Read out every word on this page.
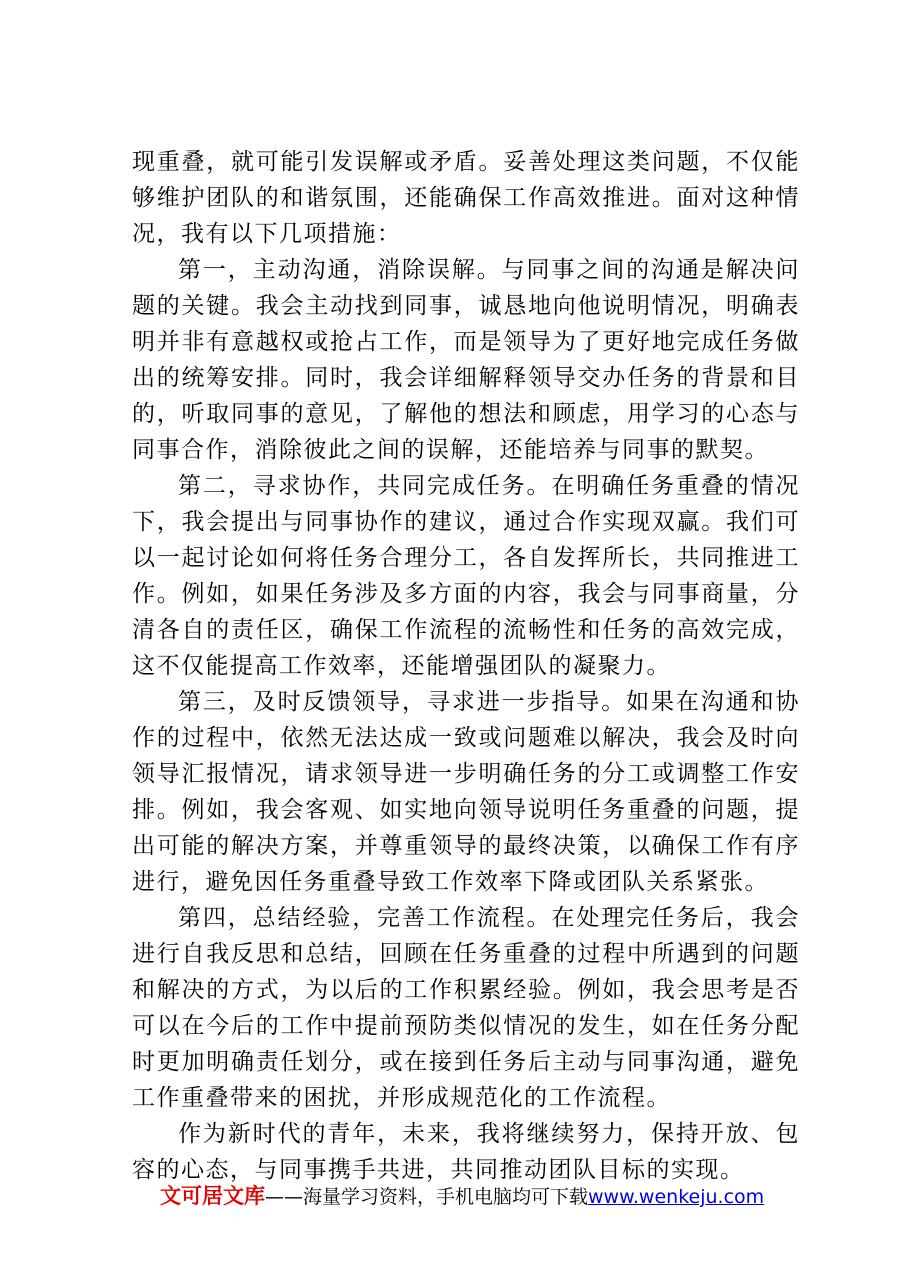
现重叠，就可能引发误解或矛盾。妥善处理这类问题，不仅能够维护团队的和谐氛围，还能确保工作高效推进。面对这种情况，我有以下几项措施：

第一，主动沟通，消除误解。与同事之间的沟通是解决问题的关键。我会主动找到同事，诚恳地向他说明情况，明确表明并非有意越权或抢占工作，而是领导为了更好地完成任务做出的统筹安排。同时，我会详细解释领导交办任务的背景和目的，听取同事的意见，了解他的想法和顾虑，用学习的心态与同事合作，消除彼此之间的误解，还能培养与同事的默契。

第二，寻求协作，共同完成任务。在明确任务重叠的情况下，我会提出与同事协作的建议，通过合作实现双赢。我们可以一起讨论如何将任务合理分工，各自发挥所长，共同推进工作。例如，如果任务涉及多方面的内容，我会与同事商量，分清各自的责任区，确保工作流程的流畅性和任务的高效完成，这不仅能提高工作效率，还能增强团队的凝聚力。

第三，及时反馈领导，寻求进一步指导。如果在沟通和协作的过程中，依然无法达成一致或问题难以解决，我会及时向领导汇报情况，请求领导进一步明确任务的分工或调整工作安排。例如，我会客观、如实地向领导说明任务重叠的问题，提出可能的解决方案，并尊重领导的最终决策，以确保工作有序进行，避免因任务重叠导致工作效率下降或团队关系紧张。

第四，总结经验，完善工作流程。在处理完任务后，我会进行自我反思和总结，回顾在任务重叠的过程中所遇到的问题和解决的方式，为以后的工作积累经验。例如，我会思考是否可以在今后的工作中提前预防类似情况的发生，如在任务分配时更加明确责任划分，或在接到任务后主动与同事沟通，避免工作重叠带来的困扰，并形成规范化的工作流程。

作为新时代的青年，未来，我将继续努力，保持开放、包容的心态，与同事携手共进，共同推动团队目标的实现。

文可居文库——海量学习资料，手机电脑均可下载www.wenkeju.com
